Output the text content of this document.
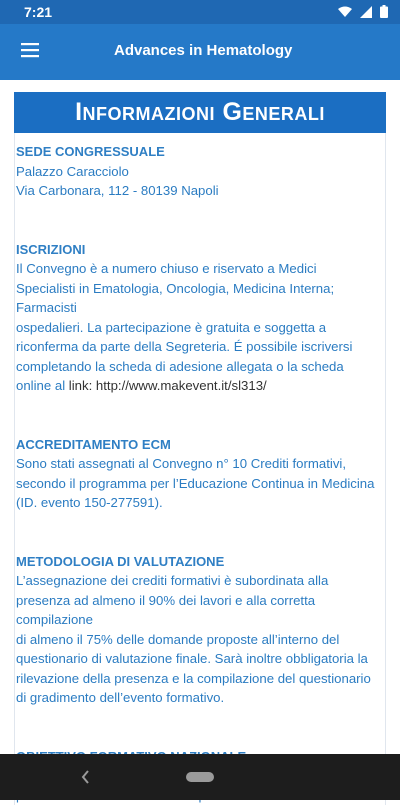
7:21
Advances in Hematology
Informazioni Generali
SEDE CONGRESSUALE

Palazzo Caracciolo

Via Carbonara, 112 - 80139 Napoli

ISCRIZIONI

Il Convegno è a numero chiuso e riservato a Medici

Specialisti in Ematologia, Oncologia, Medicina Interna;

Farmacisti

ospedalieri. La partecipazione è gratuita e soggetta a

riconferma da parte della Segreteria. É possibile iscriversi

completando la scheda di adesione allegata o la scheda

online al link: http://www.makevent.it/sl313/

ACCREDITAMENTO ECM

Sono stati assegnati al Convegno n° 10 Crediti formativi,

secondo il programma per l’Educazione Continua in Medicina

(ID. evento 150-277591).

METODOLOGIA DI VALUTAZIONE

L’assegnazione dei crediti formativi è subordinata alla

presenza ad almeno il 90% dei lavori e alla corretta

compilazione

di almeno il 75% delle domande proposte all’interno del

questionario di valutazione finale. Sarà inoltre obbligatoria la

rilevazione della presenza e la compilazione del questionario

di gradimento dell’evento formativo.
